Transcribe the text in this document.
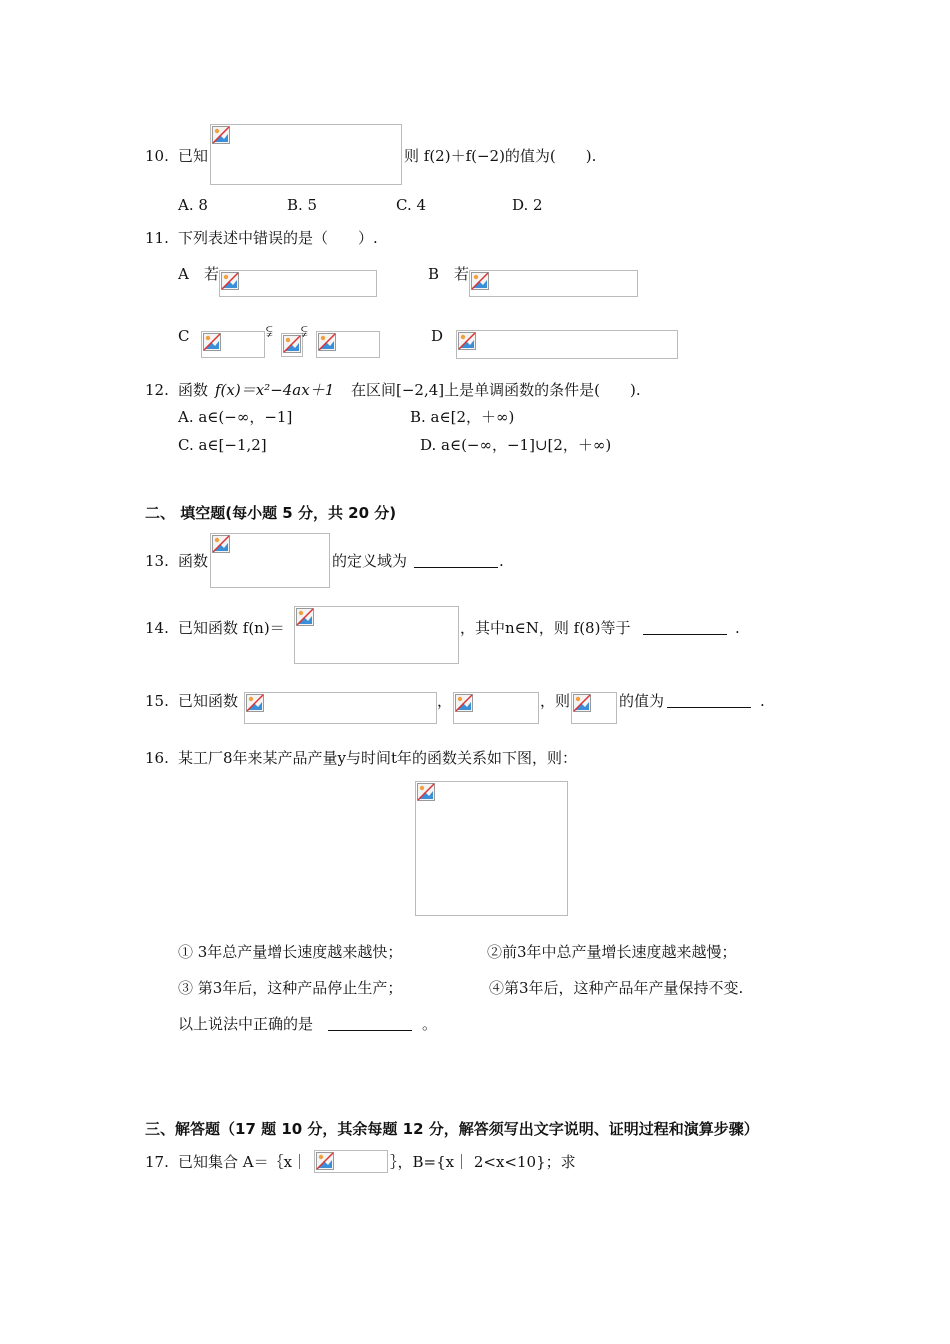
10. 已知	则 f(2)＋f(−2)的值为(　　).
A. 8	B. 5	C. 4	D. 2
11. 下列表述中错误的是（　　）.
A 若	B 若
C	⫋ ⫋	D
12. 函数 f(x)＝x²−4ax＋1 在区间[−2,4]上是单调函数的条件是(　　).
A. a∈(−∞，−1]	B. a∈[2，＋∞)
C. a∈[−1,2]	D. a∈(−∞，−1]∪[2，＋∞)
二、 填空题(每小题 5 分，共 20 分)
13. 函数	的定义域为	.
14. 已知函数 f(n)＝	，其中n∈N，则 f(8)等于	.
15. 已知函数	，	，则	的值为	.
16. 某工厂8年来某产品产量y与时间t年的函数关系如下图，则：
① 3年总产量增长速度越来越快；	②前3年中总产量增长速度越来越慢；
③ 第3年后，这种产品停止生产；	④第3年后，这种产品年产量保持不变.
以上说法中正确的是	。
三、解答题（17 题 10 分，其余每题 12 分，解答须写出文字说明、证明过程和演算步骤）
17. 已知集合 A＝｛x｜	｝，B={x｜ 2<x<10}；求
